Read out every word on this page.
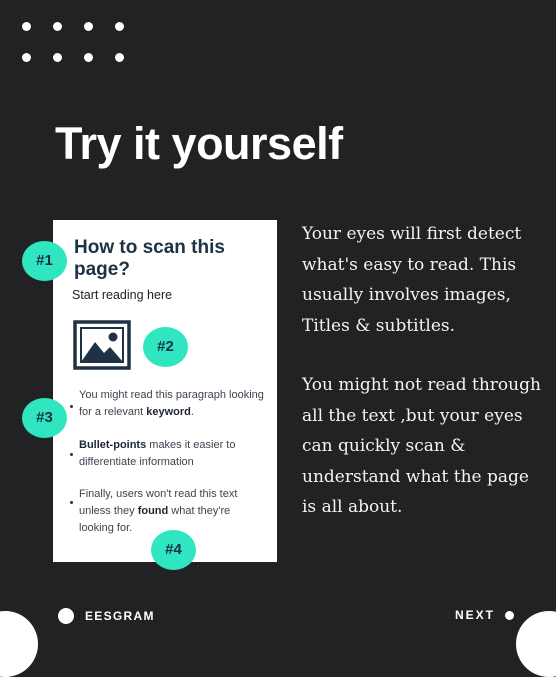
Try it yourself
How to scan this page?
Start reading here

You might read this paragraph looking for a relevant keyword.

Bullet-points makes it easier to differentiate information

Finally, users won't read this text unless they found what they're looking for.

#1
#2
#3
#4

Your eyes will first detect what's easy to read. This usually involves images, Titles & subtitles.

You might not read through all the text ,but your eyes can quickly scan & understand what the page is all about.

EESGRAM	NEXT
